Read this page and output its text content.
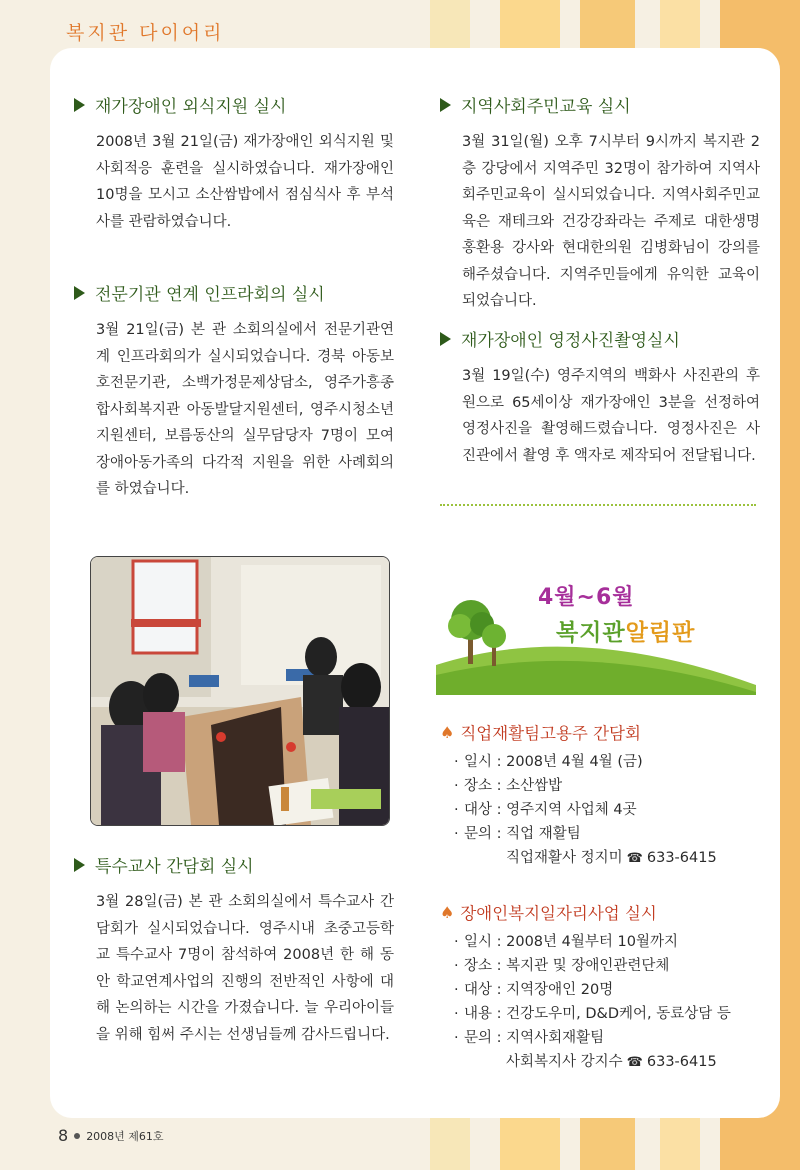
복지관 다이어리
재가장애인 외식지원 실시

2008년 3월 21일(금) 재가장애인 외식지원 및 사회적응 훈련을 실시하였습니다. 재가장애인 10명을 모시고 소산쌈밥에서 점심식사 후 부석사를 관람하였습니다.

전문기관 연계 인프라회의 실시

3월 21일(금) 본 관 소회의실에서 전문기관연계 인프라회의가 실시되었습니다. 경북 아동보호전문기관, 소백가정문제상담소, 영주가흥종합사회복지관 아동발달지원센터, 영주시청소년지원센터, 보름동산의 실무담당자 7명이 모여 장애아동가족의 다각적 지원을 위한 사례회의를 하였습니다.

특수교사 간담회 실시

3월 28일(금) 본 관 소회의실에서 특수교사 간담회가 실시되었습니다. 영주시내 초중고등학교 특수교사 7명이 참석하여 2008년 한 해 동안 학교연계사업의 진행의 전반적인 사항에 대해 논의하는 시간을 가졌습니다. 늘 우리아이들을 위해 힘써 주시는 선생님들께 감사드립니다.

지역사회주민교육 실시

3월 31일(월) 오후 7시부터 9시까지 복지관 2층 강당에서 지역주민 32명이 참가하여 지역사회주민교육이 실시되었습니다. 지역사회주민교육은 재테크와 건강강좌라는 주제로 대한생명 홍환용 강사와 현대한의원 김병화님이 강의를 해주셨습니다. 지역주민들에게 유익한 교육이 되었습니다.

재가장애인 영정사진촬영실시

3월 19일(수) 영주지역의 백화사 사진관의 후원으로 65세이상 재가장애인 3분을 선정하여 영정사진을 촬영해드렸습니다. 영정사진은 사진관에서 촬영 후 액자로 제작되어 전달됩니다.

4월~6월
복지관알림판
♠ 직업재활팀고용주 간담회
· 일시 : 2008년 4월 4월 (금)
· 장소 : 소산쌈밥
· 대상 : 영주지역 사업체 4곳
· 문의 : 직업 재활팀
직업재활사 정지미 ☎ 633-6415
♠ 장애인복지일자리사업 실시
· 일시 : 2008년 4월부터 10월까지
· 장소 : 복지관 및 장애인관련단체
· 대상 : 지역장애인 20명
· 내용 : 건강도우미, D&D케어, 동료상담 등
· 문의 : 지역사회재활팀
사회복지사 강지수 ☎ 633-6415
8 2008년 제61호
